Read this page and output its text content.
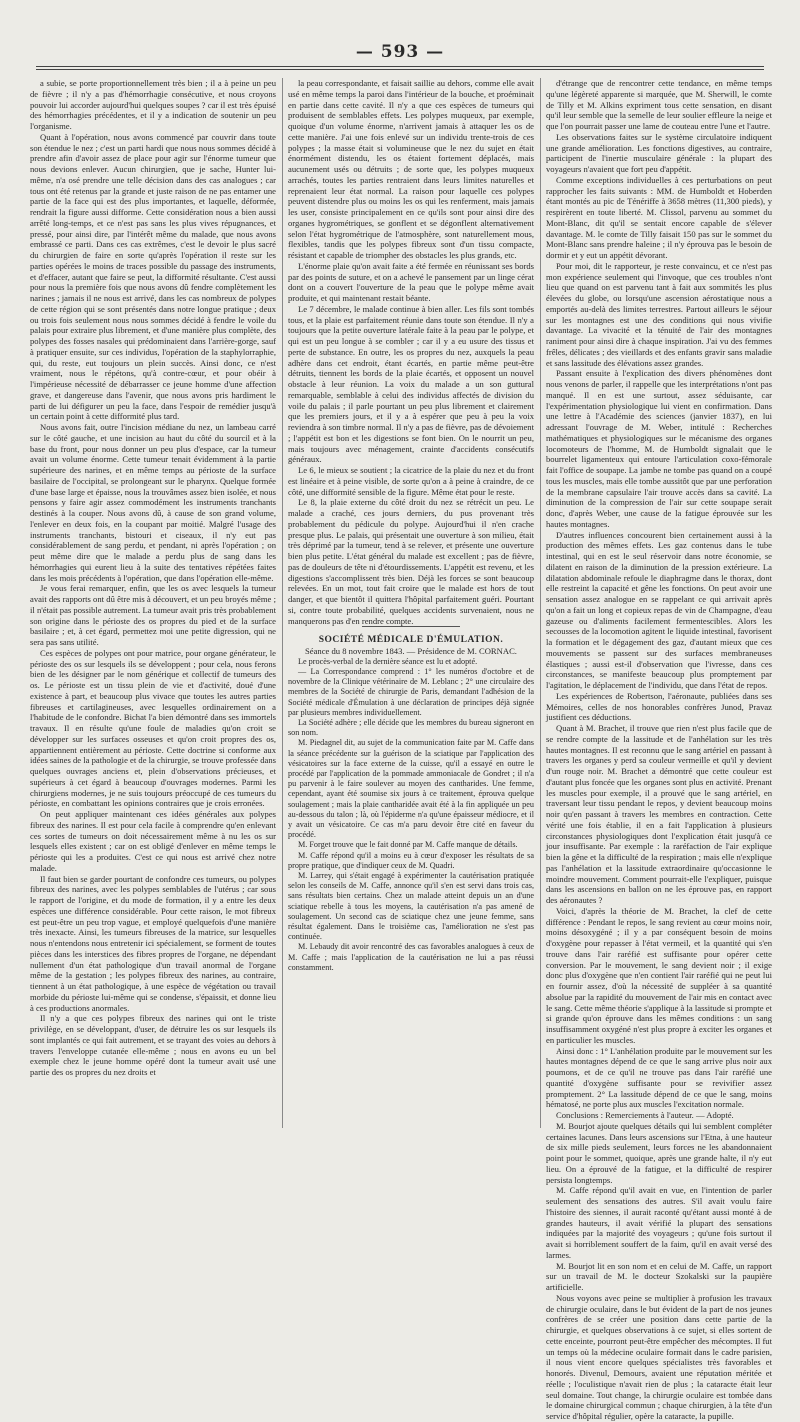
— 593 —

a subie, se porte proportionnellement très bien ; il a à peine un peu de fièvre ; il n'y a pas d'hémorrhagie consécutive, et nous croyons pouvoir lui accorder aujourd'hui quelques soupes ? car il est très épuisé des hémorrhagies précédentes, et il y a indication de soutenir un peu l'organisme.

Quant à l'opération, nous avons commencé par couvrir dans toute son étendue le nez ; c'est un parti hardi que nous nous sommes décidé à prendre afin d'avoir assez de place pour agir sur l'énorme tumeur que nous devions enlever. Aucun chirurgien, que je sache, Hunter lui-même, n'a osé prendre une telle décision dans des cas analogues ; car tous ont été retenus par la grande et juste raison de ne pas entamer une partie de la face qui est des plus importantes, et laquelle, déformée, rendrait la figure aussi difforme. Cette considération nous a bien aussi arrêté long-temps, et ce n'est pas sans les plus vives répugnances, et pressé, pour ainsi dire, par l'intérêt même du malade, que nous avons embrassé ce parti. Dans ces cas extrêmes, c'est le devoir le plus sacré du chirurgien de faire en sorte qu'après l'opération il reste sur les parties opérées le moins de traces possible du passage des instruments, et d'effacer, autant que faire se peut, la difformité résultante. C'est aussi pour nous la première fois que nous avons dû fendre complètement les narines ; jamais il ne nous est arrivé, dans les cas nombreux de polypes de cette région qui se sont présentés dans notre longue pratique ; deux ou trois fois seulement nous nous sommes décidé à fendre le voile du palais pour extraire plus librement, et d'une manière plus complète, des polypes des fosses nasales qui prédominaient dans l'arrière-gorge, sauf à pratiquer ensuite, sur ces individus, l'opération de la staphylorraphie, qui, du reste, eut toujours un plein succès. Ainsi donc, ce n'est vraiment, nous le répétons, qu'à contre-cœur, et pour obéir à l'impérieuse nécessité de débarrasser ce jeune homme d'une affection grave, et dangereuse dans l'avenir, que nous avons pris hardiment le parti de lui défigurer un peu la face, dans l'espoir de remédier jusqu'à un certain point à cette difformité plus tard.

Nous avons fait, outre l'incision médiane du nez, un lambeau carré sur le côté gauche, et une incision au haut du côté du sourcil et à la base du front, pour nous donner un peu plus d'espace, car la tumeur avait un volume énorme. Cette tumeur tenait évidemment à la partie supérieure des narines, et en même temps au périoste de la surface basilaire de l'occipital, se prolongeant sur le pharynx. Quelque formée d'une base large et épaisse, nous la trouvâmes assez bien isolée, et nous pensons y faire agir assez commodément les instruments tranchants destinés à la couper. Nous avons dû, à cause de son grand volume, l'enlever en deux fois, en la coupant par moitié. Malgré l'usage des instruments tranchants, bistouri et ciseaux, il n'y eut pas considérablement de sang perdu, et pendant, ni après l'opération ; on peut même dire que le malade a perdu plus de sang dans les hémorrhagies qui eurent lieu à la suite des tentatives répétées faites dans les mois précédents à l'opération, que dans l'opération elle-même.

Je vous ferai remarquer, enfin, que les os avec lesquels la tumeur avait des rapports ont dû être mis à découvert, et un peu broyés même ; il n'était pas possible autrement. La tumeur avait pris très probablement son origine dans le périoste des os propres du pied et de la surface basilaire ; et, à cet égard, permettez moi une petite digression, qui ne sera pas sans utilité.

Ces espèces de polypes ont pour matrice, pour organe générateur, le périoste des os sur lesquels ils se développent ; pour cela, nous ferons bien de les désigner par le nom générique et collectif de tumeurs des os. Le périoste est un tissu plein de vie et d'activité, doué d'une existence à part, et beaucoup plus vivace que toutes les autres parties fibreuses et cartilagineuses, avec lesquelles ordinairement on a l'habitude de le confondre. Bichat l'a bien démontré dans ses immortels travaux. Il en résulte qu'une foule de maladies qu'on croit se développer sur les surfaces osseuses et qu'on croit propres des os, appartiennent entièrement au périoste. Cette doctrine si conforme aux idées saines de la pathologie et de la chirurgie, se trouve professée dans quelques ouvrages anciens et, plein d'observations précieuses, et supérieurs à cet égard à beaucoup d'ouvrages modernes. Parmi les chirurgiens modernes, je ne suis toujours préoccupé de ces tumeurs du périoste, en combattant les opinions contraires que je crois erronées.

On peut appliquer maintenant ces idées générales aux polypes fibreux des narines. Il est pour cela facile à comprendre qu'en enlevant ces sortes de tumeurs on doit nécessairement même à nu les os sur lesquels elles existent ; car on est obligé d'enlever en même temps le périoste qui les a produites. C'est ce qui nous est arrivé chez notre malade.

Il faut bien se garder pourtant de confondre ces tumeurs, ou polypes fibreux des narines, avec les polypes semblables de l'utérus ; car sous le rapport de l'origine, et du mode de formation, il y a entre les deux espèces une différence considérable. Pour cette raison, le mot fibreux est peut-être un peu trop vague, et employé quelquefois d'une manière très inexacte. Ainsi, les tumeurs fibreuses de la matrice, sur lesquelles nous n'entendons nous entretenir ici spécialement, se forment de toutes pièces dans les interstices des fibres propres de l'organe, ne dépendant nullement d'un état pathologique d'un travail anormal de l'organe même de la gestation ; les polypes fibreux des narines, au contraire, tiennent à un état pathologique, à une espèce de végétation ou travail morbide du périoste lui-même qui se condense, s'épaissit, et donne lieu à ces productions anormales.

Il n'y a que ces polypes fibreux des narines qui ont le triste privilège, en se développant, d'user, de détruire les os sur lesquels ils sont implantés ce qui fait autrement, et se trayant des voies au dehors à travers l'enveloppe cutanée elle-même ; nous en avons eu un bel exemple chez le jeune homme opéré dont la tumeur avait usé une partie des os propres du nez droits et

la peau correspondante, et faisait saillie au dehors, comme elle avait usé en même temps la paroi dans l'intérieur de la bouche, et proéminait en partie dans cette cavité. Il n'y a que ces espèces de tumeurs qui produisent de semblables effets. Les polypes muqueux, par exemple, quoique d'un volume énorme, n'arrivent jamais à attaquer les os de cette manière. J'ai une fois enlevé sur un individu trente-trois de ces polypes ; la masse était si volumineuse que le nez du sujet en était énormément distendu, les os étaient fortement déplacés, mais aucunement usés ou détruits ; de sorte que, les polypes muqueux arrachés, toutes les parties rentraient dans leurs limites naturelles et reprenaient leur état normal. La raison pour laquelle ces polypes peuvent distendre plus ou moins les os qui les renferment, mais jamais les user, consiste principalement en ce qu'ils sont pour ainsi dire des organes hygrométriques, se gonflent et se dégonflent alternativement selon l'état hygrométrique de l'atmosphère, sont naturellement mous, flexibles, tandis que les polypes fibreux sont d'un tissu compacte, résistant et capable de triompher des obstacles les plus grands, etc.

L'énorme plaie qu'on avait faite a été fermée en réunissant ses bords par des points de suture, et on a achevé le pansement par un linge cérat dont on a couvert l'ouverture de la peau que le polype même avait produite, et qui maintenant restait béante.

Le 7 décembre, le malade continue à bien aller. Les fils sont tombés tous, et la plaie est parfaitement réunie dans toute son étendue. Il n'y a toujours que la petite ouverture latérale faite à la peau par le polype, et qui est un peu longue à se combler ; car il y a eu usure des tissus et perte de substance. En outre, les os propres du nez, auxquels la peau adhère dans cet endroit, étant écartés, en partie même peut-être détruits, tiennent les bords de la plaie écartés, et opposent un nouvel obstacle à leur réunion. La voix du malade a un son guttural remarquable, semblable à celui des individus affectés de division du voile du palais ; il parle pourtant un peu plus librement et clairement que les premiers jours, et il y a à espérer que peu à peu la voix reviendra à son timbre normal. Il n'y a pas de fièvre, pas de dévoiement ; l'appétit est bon et les digestions se font bien. On le nourrit un peu, mais toujours avec ménagement, crainte d'accidents consécutifs généraux.

Le 6, le mieux se soutient ; la cicatrice de la plaie du nez et du front est linéaire et à peine visible, de sorte qu'on a à peine à craindre, de ce côté, une difformité sensible de la figure. Même état pour le reste.

Le 8, la plaie externe du côté droit du nez se rétrécit un peu. Le malade a craché, ces jours derniers, du pus provenant très probablement du pédicule du polype. Aujourd'hui il n'en crache presque plus. Le palais, qui présentait une ouverture à son milieu, était très déprimé par la tumeur, tend à se relever, et présente une ouverture bien plus petite. L'état général du malade est excellent ; pas de fièvre, pas de douleurs de tête ni d'étourdissements. L'appétit est revenu, et les digestions s'accomplissent très bien. Déjà les forces se sont beaucoup relevées. En un mot, tout fait croire que le malade est hors de tout danger, et que bientôt il quittera l'hôpital parfaitement guéri. Pourtant si, contre toute probabilité, quelques accidents survenaient, nous ne manquerons pas d'en rendre compte.

SOCIÉTÉ MÉDICALE D'ÉMULATION.

Séance du 8 novembre 1843. — Présidence de M. CORNAC.

Le procès-verbal de la dernière séance est lu et adopté.

— La Correspondance comprend : 1° les numéros d'octobre et de novembre de la Clinique vétérinaire de M. Leblanc ; 2° une circulaire des membres de la Société de chirurgie de Paris, demandant l'adhésion de la Société médicale d'Émulation à une déclaration de principes déjà signée par plusieurs membres individuellement.

La Société adhère ; elle décide que les membres du bureau signeront en son nom.

M. Piedagnel dit, au sujet de la communication faite par M. Caffe dans la séance précédente sur la guérison de la sciatique par l'application des vésicatoires sur la face externe de la cuisse, qu'il a essayé en outre le procédé par l'application de la pommade ammoniacale de Gondret ; il n'a pu parvenir à le faire soulever au moyen des cantharides. Une femme, cependant, ayant été soumise six jours à ce traitement, éprouva quelque soulagement ; mais la plaie cantharidée avait été à la fin appliquée un peu au-dessous du talon ; là, où l'épiderme n'a qu'une épaisseur médiocre, et il y avait un vésicatoire. Ce cas m'a paru devoir être cité en faveur du procédé.

M. Forget trouve que le fait donné par M. Caffe manque de détails.

M. Caffe répond qu'il a moins eu à cœur d'exposer les résultats de sa propre pratique, que d'indiquer ceux de M. Quadri.

M. Larrey, qui s'était engagé à expérimenter la cautérisation pratiquée selon les conseils de M. Caffe, annonce qu'il s'en est servi dans trois cas, sans résultats bien certains. Chez un malade atteint depuis un an d'une sciatique rebelle à tous les moyens, la cautérisation n'a pas amené de soulagement. Un second cas de sciatique chez une jeune femme, sans résultat également. Dans le troisième cas, l'amélioration ne s'est pas continuée.

M. Lebaudy dit avoir rencontré des cas favorables analogues à ceux de M. Caffe ; mais l'application de la cautérisation ne lui a pas réussi constamment.

d'étrange que de rencontrer cette tendance, en même temps qu'une légèreté apparente si marquée, que M. Sherwill, le comte de Tilly et M. Alkins expriment tous cette sensation, en disant qu'il leur semble que la semelle de leur soulier effleure la neige et que l'on pourrait passer une lame de couteau entre l'une et l'autre.

Les observations faites sur le système circulatoire indiquent une grande amélioration. Les fonctions digestives, au contraire, participent de l'inertie musculaire générale : la plupart des voyageurs n'avaient que fort peu d'appétit.

Comme exceptions individuelles à ces perturbations on peut rapprocher les faits suivants : MM. de Humboldt et Hoberden étant montés au pic de Ténériffe à 3658 mètres (11,300 pieds), y respirèrent en toute liberté. M. Clissol, parvenu au sommet du Mont-Blanc, dit qu'il se sentait encore capable de s'élever davantage. M. le comte de Tilly faisait 150 pas sur le sommet du Mont-Blanc sans prendre haleine ; il n'y éprouva pas le besoin de dormir et y eut un appétit dévorant.

Pour moi, dit le rapporteur, je reste convaincu, et ce n'est pas mon expérience seulement qui l'invoque, que ces troubles n'ont lieu que quand on est parvenu tant à fait aux sommités les plus élevées du globe, ou lorsqu'une ascension aérostatique nous a emportés au-delà des limites terrestres. Partout ailleurs le séjour sur les montagnes est une des conditions qui nous vivifie davantage. La vivacité et la ténuité de l'air des montagnes raniment pour ainsi dire à chaque inspiration. J'ai vu des femmes frêles, délicates ; des vieillards et des enfants gravir sans maladie et sans lassitude des élévations assez grandes.

Passant ensuite à l'explication des divers phénomènes dont nous venons de parler, il rappelle que les interprétations n'ont pas manqué. Il en est une surtout, assez séduisante, car l'expérimentation physiologique lui vient en confirmation. Dans une lettre à l'Académie des sciences (janvier 1837), en lui adressant l'ouvrage de M. Weber, intitulé : Recherches mathématiques et physiologiques sur le mécanisme des organes locomoteurs de l'homme, M. de Humboldt signalait que le bourrelet ligamenteux qui entoure l'articulation coxo-fémorale fait l'office de soupape. La jambe ne tombe pas quand on a coupé tous les muscles, mais elle tombe aussitôt que par une perforation de la membrane capsulaire l'air trouve accès dans sa cavité. La diminution de la compression de l'air sur cette soupape serait donc, d'après Weber, une cause de la fatigue éprouvée sur les hautes montagnes.

D'autres influences concourent bien certainement aussi à la production des mêmes effets. Les gaz contenus dans le tube intestinal, qui en est le seul réservoir dans notre économie, se dilatent en raison de la diminution de la pression extérieure. La dilatation abdominale refoule le diaphragme dans le thorax, dont elle restreint la capacité et gêne les fonctions. On peut avoir une sensation assez analogue en se rappelant ce qui arrivait après qu'on a fait un long et copieux repas de vin de Champagne, d'eau gazeuse ou d'aliments facilement fermentescibles. Alors les secousses de la locomotion agitent le liquide intestinal, favorisent la formation et le dégagement des gaz, d'autant mieux que ces mouvements se passent sur des surfaces membraneuses élastiques ; aussi est-il d'observation que l'ivresse, dans ces circonstances, se manifeste beaucoup plus promptement par l'agitation, le déplacement de l'individu, que dans l'état de repos.

Les expériences de Robertson, l'aéronaute, publiées dans ses Mémoires, celles de nos honorables confrères Junod, Pravaz justifient ces déductions.

Quant à M. Brachet, il trouve que rien n'est plus facile que de se rendre compte de la lassitude et de l'anhélation sur les très hautes montagnes. Il est reconnu que le sang artériel en passant à travers les organes y perd sa couleur vermeille et qu'il y devient d'un rouge noir. M. Brachet a démontré que cette couleur est d'autant plus foncée que les organes sont plus en activité. Prenant les muscles pour exemple, il a prouvé que le sang artériel, en traversant leur tissu pendant le repos, y devient beaucoup moins noir qu'en passant à travers les membres en contraction. Cette vérité une fois établie, il en a fait l'application à plusieurs circonstances physiologiques dont l'explication était jusqu'à ce jour insuffisante. Par exemple : la raréfaction de l'air explique bien la gêne et la difficulté de la respiration ; mais elle n'explique pas l'anhélation et la lassitude extraordinaire qu'occasionne le moindre mouvement. Comment pourrait-elle l'expliquer, puisque dans les ascensions en ballon on ne les éprouve pas, en rapport des aéronautes ?

Voici, d'après la théorie de M. Brachet, la clef de cette différence : Pendant le repos, le sang revient au cœur moins noir, moins désoxygéné ; il y a par conséquent besoin de moins d'oxygène pour repasser à l'état vermeil, et la quantité qui s'en trouve dans l'air raréfié est suffisante pour opérer cette conversion. Par le mouvement, le sang devient noir ; il exige donc plus d'oxygène que n'en contient l'air raréfié qui ne peut lui en fournir assez, d'où la nécessité de suppléer à sa quantité absolue par la rapidité du mouvement de l'air mis en contact avec le sang. Cette même théorie s'applique à la lassitude si prompte et si grande qu'on éprouve dans les mêmes conditions : un sang insuffisamment oxygéné n'est plus propre à exciter les organes et en particulier les muscles.

Ainsi donc : 1° L'anhélation produite par le mouvement sur les hautes montagnes dépend de ce que le sang arrive plus noir aux poumons, et de ce qu'il ne trouve pas dans l'air raréfié une quantité d'oxygène suffisante pour se revivifier assez promptement. 2° La lassitude dépend de ce que le sang, moins hématosé, ne porte plus aux muscles l'excitation normale.

Conclusions : Remerciements à l'auteur. — Adopté.

M. Bourjot ajoute quelques détails qui lui semblent compléter certaines lacunes. Dans leurs ascensions sur l'Etna, à une hauteur de six mille pieds seulement, leurs forces ne les abandonnaient point pour le sommet, quoique, après une grande halte, il n'y eut lieu. On a éprouvé de la fatigue, et la difficulté de respirer persista longtemps.

M. Caffe répond qu'il avait en vue, en l'intention de parler seulement des sensations des autres. S'il avait voulu faire l'histoire des siennes, il aurait raconté qu'étant aussi monté à de grandes hauteurs, il avait vérifié la plupart des sensations indiquées par la majorité des voyageurs ; qu'une fois surtout il avait si horriblement souffert de la faim, qu'il en avait versé des larmes.

M. Bourjot lit en son nom et en celui de M. Caffe, un rapport sur un travail de M. le docteur Szokalski sur la paupière artificielle.

Nous voyons avec peine se multiplier à profusion les travaux de chirurgie oculaire, dans le but évident de la part de nos jeunes confrères de se créer une position dans cette partie de la chirurgie, et quelques observations à ce sujet, si elles sortent de cette enceinte, pourront peut-être empêcher des mécomptes. Il fut un temps où la médecine oculaire formait dans le cadre parisien, il nous vient encore quelques spécialistes très favorables et honorés. Divenul, Demours, avaient une réputation méritée et réelle ; l'oculistique n'avait rien de plus ; la cataracte était leur seul domaine. Tout change, la chirurgie oculaire est tombée dans le domaine chirurgical commun ; chaque chirurgien, à la tête d'un service d'hôpital régulier, opère la cataracte, la pupille.
